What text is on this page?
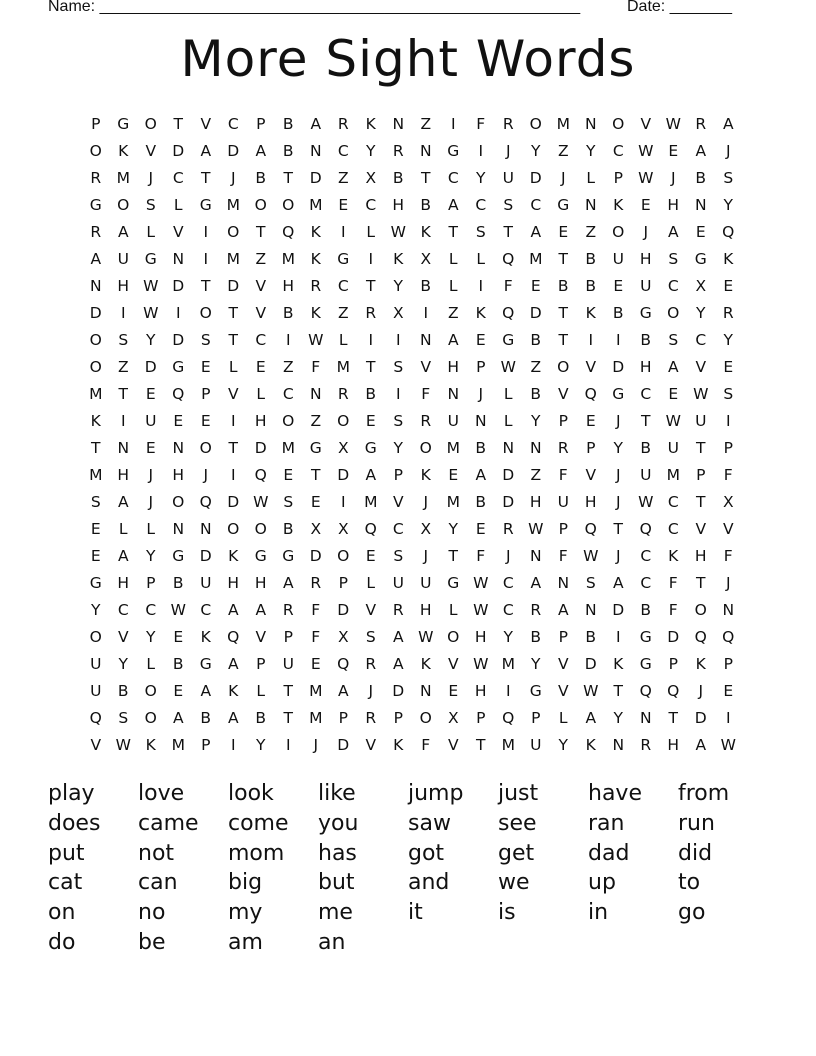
Name: ______________________________________________________	Date: _______
More Sight Words
P	G O	T	V	C	P	B	A	R	K	N	Z	I	F	R	O M N	O	V W R	A
O	K	V	D	A	D	A	B	N	C	Y	R	N	G	I	J	Y	Z	Y	C W E	A	J
R M	J	C	T	J	B	T	D	Z	X	B	T	C	Y	U	D	J	L	P W	J	B	S
G O	S	L	G M O O M	E	C	H	B	A	C	S	C	G	N	K	E	H	N	Y
R	A	L	V	I	O	T	Q	K	I	L	W K	T	S	T	A	E	Z	O	J	A	E	Q
A	U	G	N	I	M	Z	M	K	G	I	K	X	L	L	Q M	T	B	U	H	S	G	K
N	H W D	T	D	V	H	R	C	T	Y	B	L	I	F	E	B	B	E	U	C	X	E
D	I	W	I	O	T	V	B	K	Z	R	X	I	Z	K	Q D	T	K	B	G O	Y	R
O	S	Y	D	S	T	C	I	W	L	I	I	N	A	E	G	B	T	I	I	B	S	C	Y
O	Z	D	G	E	L	E	Z	F	M	T	S	V	H	P W Z	O	V	D	H	A	V	E
M	T	E	Q	P	V	L	C	N	R	B	I	F	N	J	L	B	V	Q G	C	E W S
K	I	U	E	E	I	H	O	Z	O	E	S	R	U	N	L	Y	P	E	J	T W U	I
T	N	E	N	O	T	D M G	X	G	Y	O M B	N	N	R	P	Y	B	U	T	P
M H	J	H	J	I	Q	E	T	D	A	P	K	E	A	D	Z	F	V	J	U M	P	F
S	A	J	O Q D W S	E	I	M	V	J	M B	D	H	U	H	J	W C	T	X
E	L	L	N	N	O O	B	X	X	Q	C	X	Y	E	R W P	Q	T	Q	C	V	V
E	A	Y	G	D	K	G G	D O	E	S	J	T	F	J	N	F W	J	C	K	H	F
G	H	P	B	U	H	H	A	R	P	L	U	U	G W C	A	N	S	A	C	F	T	J
Y	C	C W C	A	A	R	F	D	V	R	H	L	W C	R	A	N	D	B	F	O	N
O	V	Y	E	K	Q	V	P	F	X	S	A W O	H	Y	B	P	B	I	G	D Q Q
U	Y	L	B	G	A	P	U	E	Q	R	A	K	V W M	Y	V	D	K	G	P	K	P
U	B	O	E	A	K	L	T	M	A	J	D	N	E	H	I	G	V W T	Q Q	J	E
Q	S	O	A	B	A	B	T	M	P	R	P	O	X	P	Q	P	L	A	Y	N	T	D	I
V W K	M	P	I	Y	I	J	D	V	K	F	V	T	M U	Y	K	N	R	H	A W
play	love	look	like	jump	just	have	from
does	came	come	you	saw	see	ran	run
put	not	mom	has	got	get	dad	did
cat	can	big	but	and	we	up	to
on	no	my	me	it	is	in	go
do	be	am	an
